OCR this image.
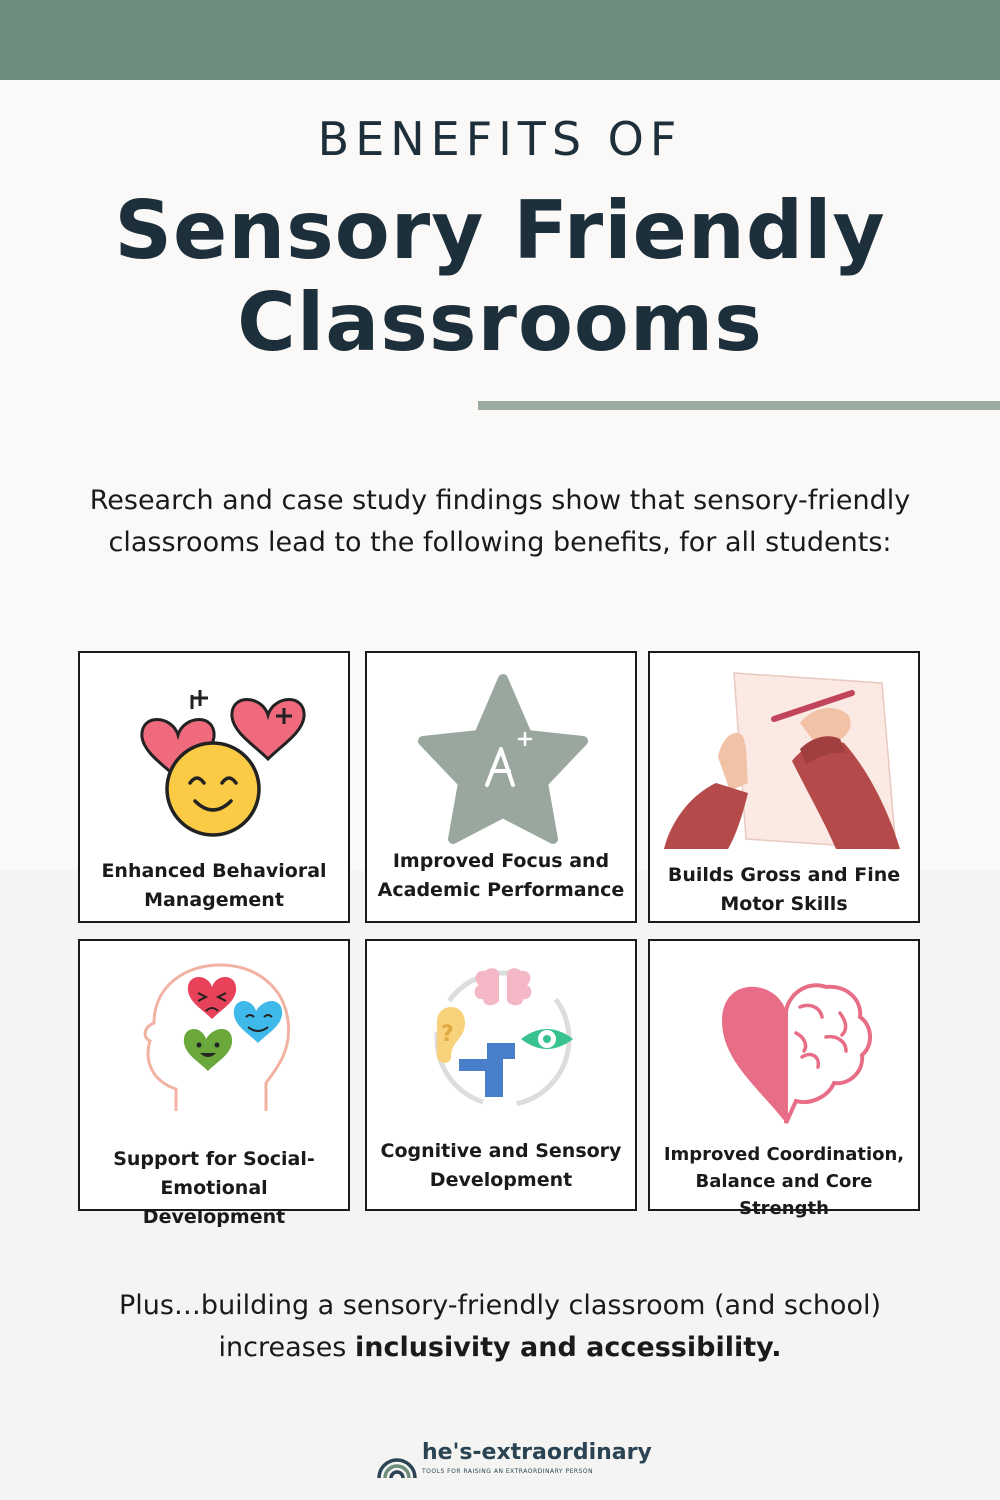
BENEFITS OF
Sensory Friendly
Classrooms
Research and case study findings show that sensory-friendly
classrooms lead to the following benefits, for all students:
Enhanced Behavioral
Management
Improved Focus and
Academic Performance
Builds Gross and Fine
Motor Skills
Support for Social-
Emotional Development
?
Cognitive and Sensory
Development
Improved Coordination,
Balance and Core Strength
Plus…building a sensory-friendly classroom (and school)
increases inclusivity and accessibility.
he's-extraordinary
TOOLS FOR RAISING AN EXTRAORDINARY PERSON
